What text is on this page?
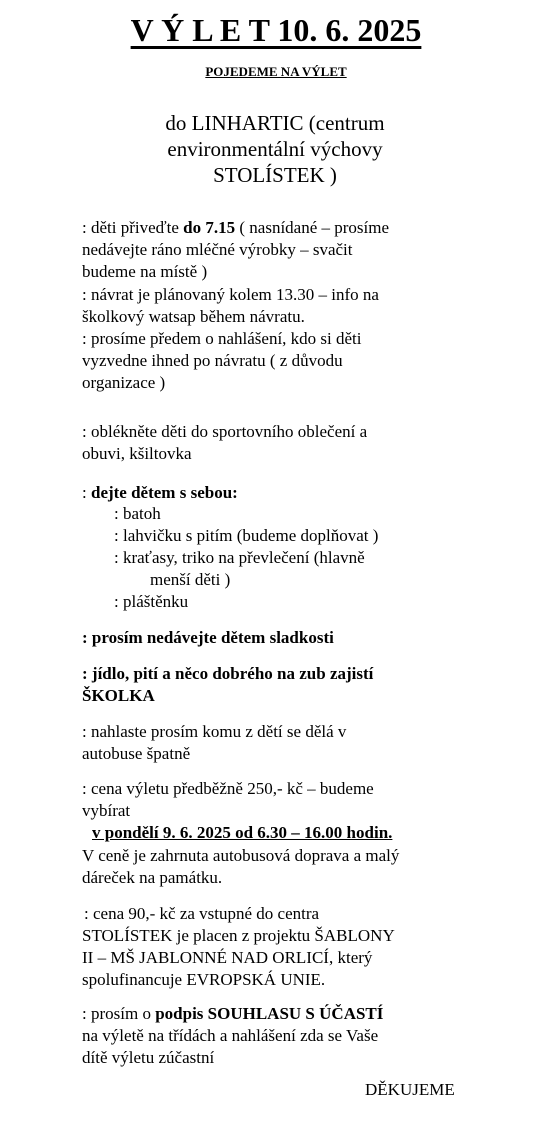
V Ý L E T 10. 6. 2025
POJEDEME NA VÝLET
do LINHARTIC (centrum
environmentální výchovy
STOLÍSTEK )
: děti přiveďte do 7.15 ( nasnídané – prosíme
nedávejte ráno mléčné výrobky – svačit
budeme na místě )
: návrat je plánovaný kolem 13.30 – info na
školkový watsap během návratu.
: prosíme předem o nahlášení, kdo si děti
vyzvedne ihned po návratu ( z důvodu
organizace )
: oblékněte děti do sportovního oblečení a
obuvi, kšiltovka
: dejte dětem s sebou:
: batoh
: lahvičku s pitím (budeme doplňovat )
: kraťasy, triko na převlečení (hlavně
menší děti )
: pláštěnku
: prosím nedávejte dětem sladkosti
: jídlo, pití a něco dobrého na zub zajistí
ŠKOLKA
: nahlaste prosím komu z dětí se dělá v
autobuse špatně
: cena výletu předběžně 250,- kč – budeme
vybírat
v pondělí 9. 6. 2025 od 6.30 – 16.00 hodin.
V ceně je zahrnuta autobusová doprava a malý
dáreček na památku.
: cena 90,- kč za vstupné do centra
STOLÍSTEK je placen z projektu ŠABLONY
II – MŠ JABLONNÉ NAD ORLICÍ, který
spolufinancuje EVROPSKÁ UNIE.
: prosím o podpis SOUHLASU S ÚČASTÍ
na výletě na třídách a nahlášení zda se Vaše
dítě výletu zúčastní
DĚKUJEME
